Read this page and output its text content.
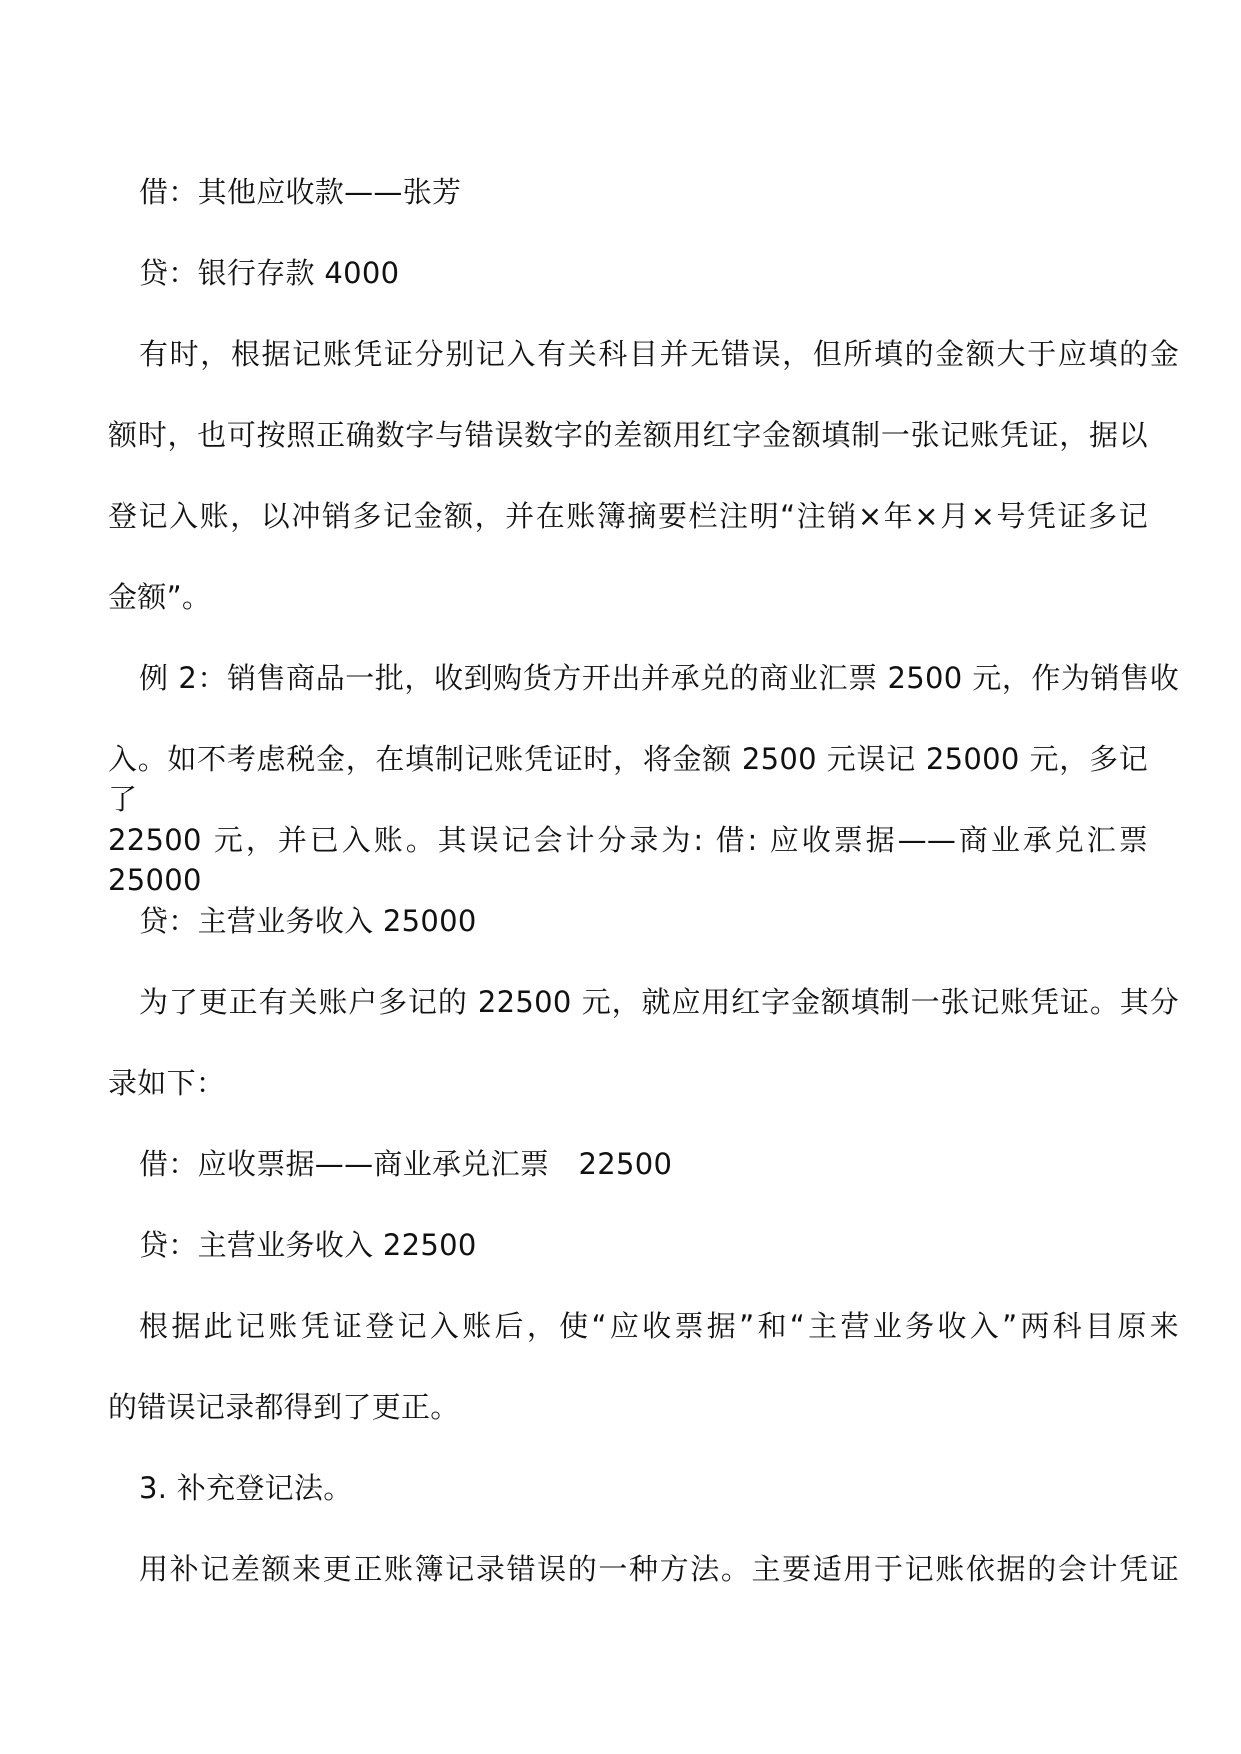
借：其他应收款——张芳
贷：银行存款 4000
有时，根据记账凭证分别记入有关科目并无错误，但所填的金额大于应填的金
额时，也可按照正确数字与错误数字的差额用红字金额填制一张记账凭证，据以
登记入账，以冲销多记金额，并在账簿摘要栏注明“注销×年×月×号凭证多记
金额”。
例 2：销售商品一批，收到购货方开出并承兑的商业汇票 2500 元，作为销售收
入。如不考虑税金，在填制记账凭证时，将金额 2500 元误记 25000 元，多记了
22500 元，并已入账。其误记会计分录为: 借: 应收票据——商业承兑汇票　25000
贷：主营业务收入 25000
为了更正有关账户多记的 22500 元，就应用红字金额填制一张记账凭证。其分
录如下：
借：应收票据——商业承兑汇票　22500
贷：主营业务收入 22500
根据此记账凭证登记入账后，使“应收票据”和“主营业务收入”两科目原来
的错误记录都得到了更正。
3. 补充登记法。
用补记差额来更正账簿记录错误的一种方法。主要适用于记账依据的会计凭证
